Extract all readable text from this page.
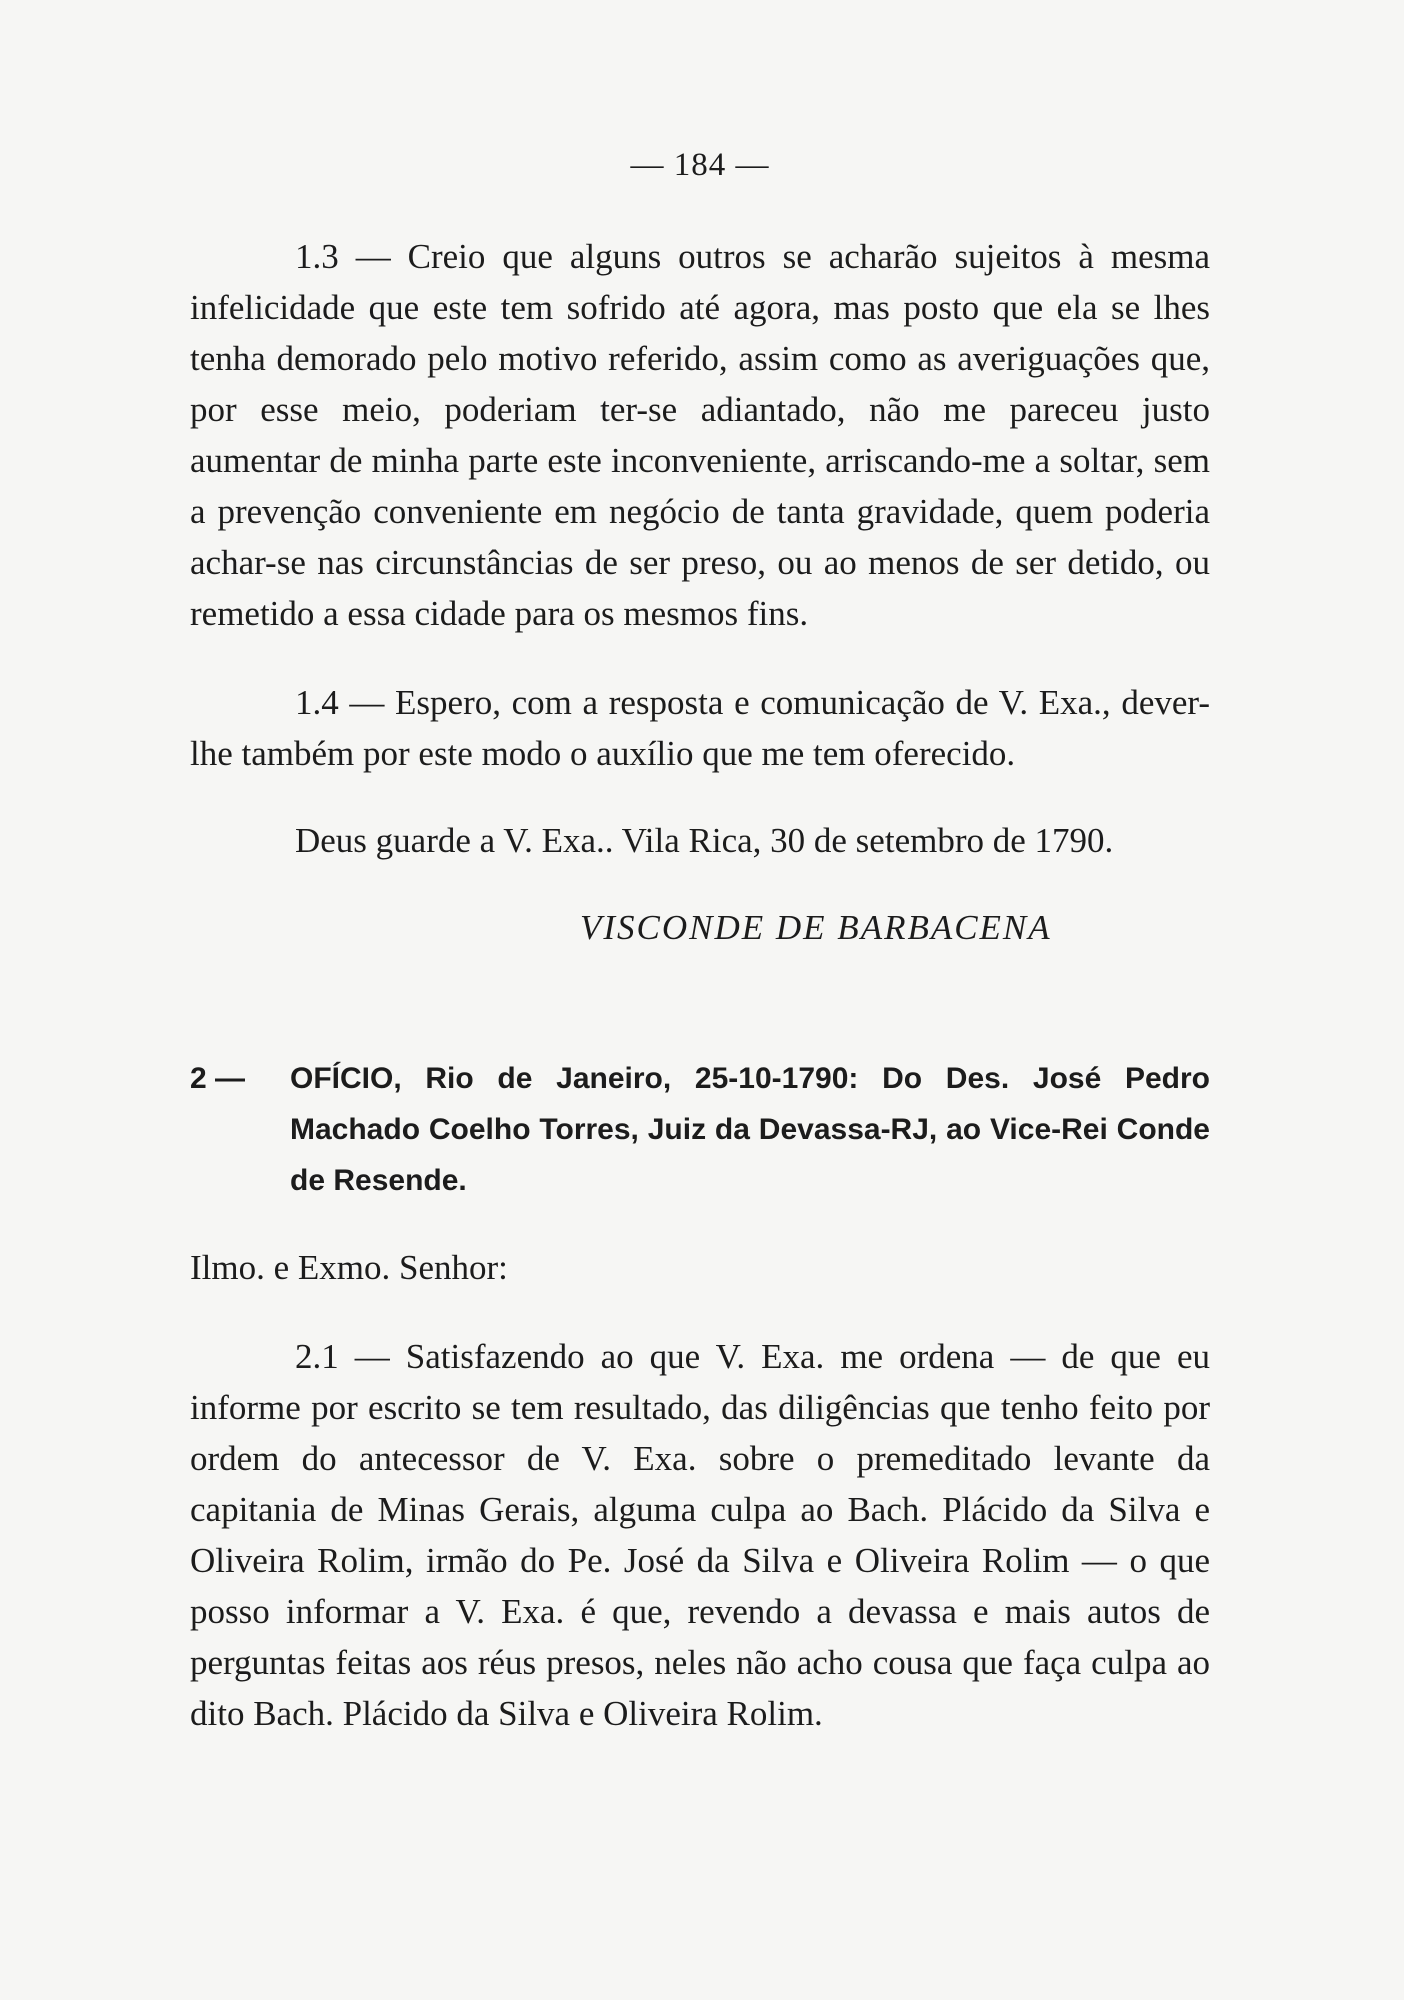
— 184 —

1.3 — Creio que alguns outros se acharão sujeitos à mesma infelicidade que este tem sofrido até agora, mas posto que ela se lhes tenha demorado pelo motivo referido, assim como as averiguações que, por esse meio, poderiam ter-se adiantado, não me pareceu justo aumentar de minha parte este inconveniente, arriscando-me a soltar, sem a prevenção conveniente em negócio de tanta gravidade, quem poderia achar-se nas circunstâncias de ser preso, ou ao menos de ser detido, ou remetido a essa cidade para os mesmos fins.

1.4 — Espero, com a resposta e comunicação de V. Exa., dever-lhe também por este modo o auxílio que me tem oferecido.

Deus guarde a V. Exa.. Vila Rica, 30 de setembro de 1790.

VISCONDE DE BARBACENA
2 —	OFÍCIO, Rio de Janeiro, 25-10-1790: Do Des. José Pedro Machado Coelho Torres, Juiz da Devassa-RJ, ao Vice-Rei Conde de Resende.

Ilmo. e Exmo. Senhor:

2.1 — Satisfazendo ao que V. Exa. me ordena — de que eu informe por escrito se tem resultado, das diligências que tenho feito por ordem do antecessor de V. Exa. sobre o premeditado levante da capitania de Minas Gerais, alguma culpa ao Bach. Plácido da Silva e Oliveira Rolim, irmão do Pe. José da Silva e Oliveira Rolim — o que posso informar a V. Exa. é que, revendo a devassa e mais autos de perguntas feitas aos réus presos, neles não acho cousa que faça culpa ao dito Bach. Plácido da Silva e Oliveira Rolim.
